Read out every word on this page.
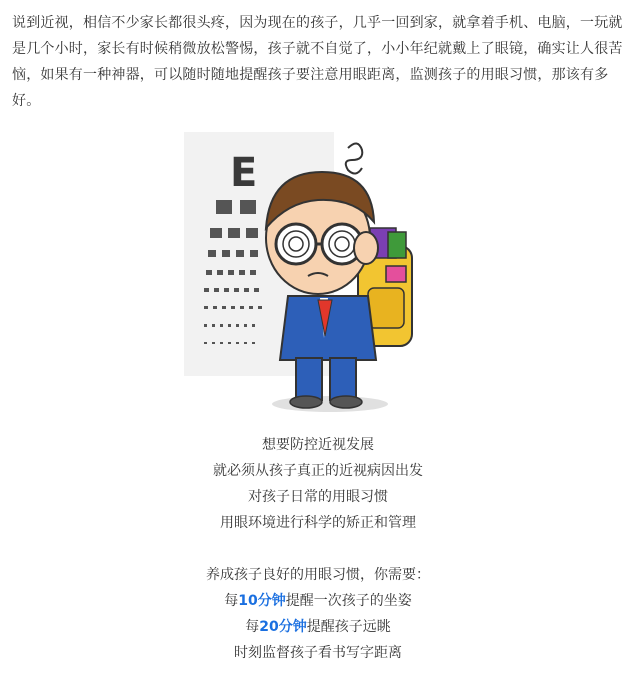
说到近视，相信不少家长都很头疼，因为现在的孩子，几乎一回到家，就拿着手机、电脑，一玩就是几个小时，家长有时候稍微放松警惕，孩子就不自觉了，小小年纪就戴上了眼镜，确实让人很苦恼，如果有一种神器，可以随时随地提醒孩子要注意用眼距离，监测孩子的用眼习惯，那该有多好。

E

想要防控近视发展

就必须从孩子真正的近视病因出发

对孩子日常的用眼习惯

用眼环境进行科学的矫正和管理

养成孩子良好的用眼习惯，你需要：

每10分钟提醒一次孩子的坐姿

每20分钟提醒孩子远眺

时刻监督孩子看书写字距离
